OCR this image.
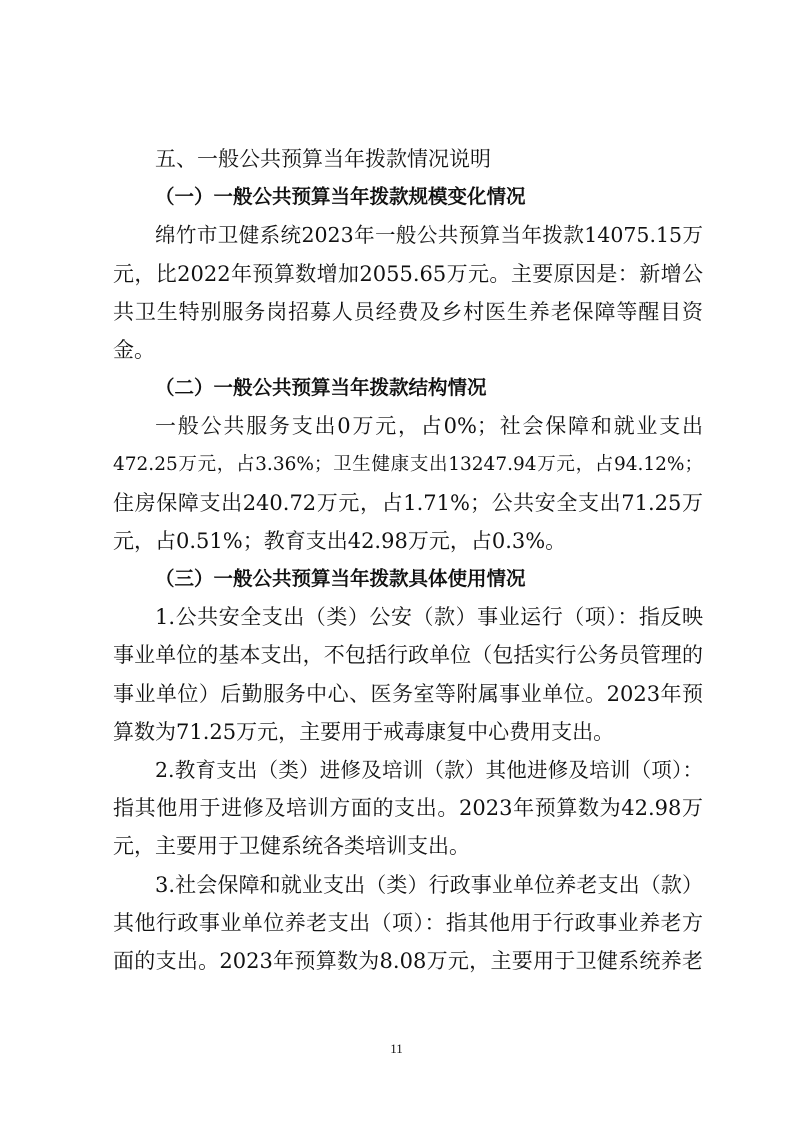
五、一般公共预算当年拨款情况说明
（一）一般公共预算当年拨款规模变化情况
绵竹市卫健系统2023年一般公共预算当年拨款14075.15万
元，比2022年预算数增加2055.65万元。主要原因是：新增公
共卫生特别服务岗招募人员经费及乡村医生养老保障等醒目资
金。
（二）一般公共预算当年拨款结构情况
一般公共服务支出0万元，占0%；社会保障和就业支出
472.25万元，占3.36%；卫生健康支出13247.94万元，占94.12%；
住房保障支出240.72万元，占1.71%；公共安全支出71.25万
元，占0.51%；教育支出42.98万元，占0.3%。
（三）一般公共预算当年拨款具体使用情况
1.公共安全支出（类）公安（款）事业运行（项）：指反映
事业单位的基本支出，不包括行政单位（包括实行公务员管理的
事业单位）后勤服务中心、医务室等附属事业单位。2023年预
算数为71.25万元，主要用于戒毒康复中心费用支出。
2.教育支出（类）进修及培训（款）其他进修及培训（项）：
指其他用于进修及培训方面的支出。2023年预算数为42.98万
元，主要用于卫健系统各类培训支出。
3.社会保障和就业支出（类）行政事业单位养老支出（款）
其他行政事业单位养老支出（项）：指其他用于行政事业养老方
面的支出。2023年预算数为8.08万元，主要用于卫健系统养老
11
